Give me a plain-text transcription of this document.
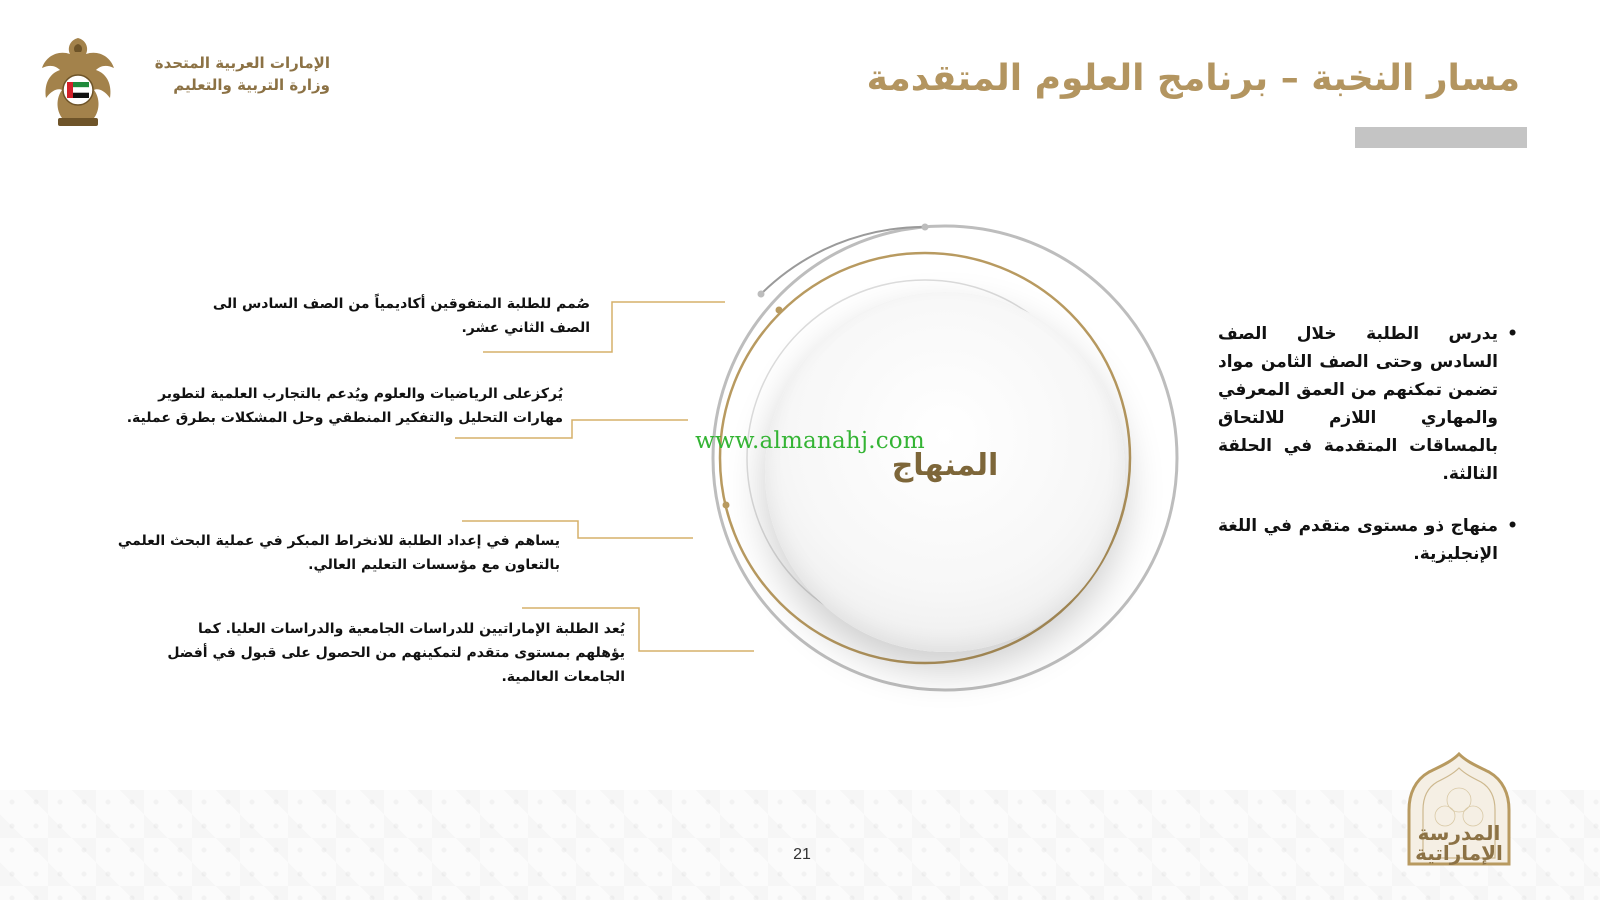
الإمارات العربية المتحدة
وزارة التربية والتعليم	مسار النخبة – برنامج العلوم المتقدمة
المنهاج
www.almanahj.com
صُمم للطلبة المتفوقين أكاديمياً من الصف السادس الى الصف الثاني عشر.
يُركزعلى الرياضيات والعلوم ويُدعم بالتجارب العلمية لتطوير مهارات التحليل والتفكير المنطقي وحل المشكلات بطرق عملية.
يساهم في إعداد الطلبة للانخراط المبكر في عملية البحث العلمي بالتعاون مع مؤسسات التعليم العالي.
يُعد الطلبة الإماراتيين للدراسات الجامعية والدراسات العليا. كما يؤهلهم بمستوى متقدم لتمكينهم من الحصول على قبول في أفضل الجامعات العالمية.
• يدرس الطلبة خلال الصف السادس وحتى الصف الثامن مواد تضمن تمكنهم من العمق المعرفي والمهاري اللازم للالتحاق بالمساقات المتقدمة في الحلقة الثالثة.
• منهاج ذو مستوى متقدم في اللغة الإنجليزية.
21
المدرسة
الإماراتية
